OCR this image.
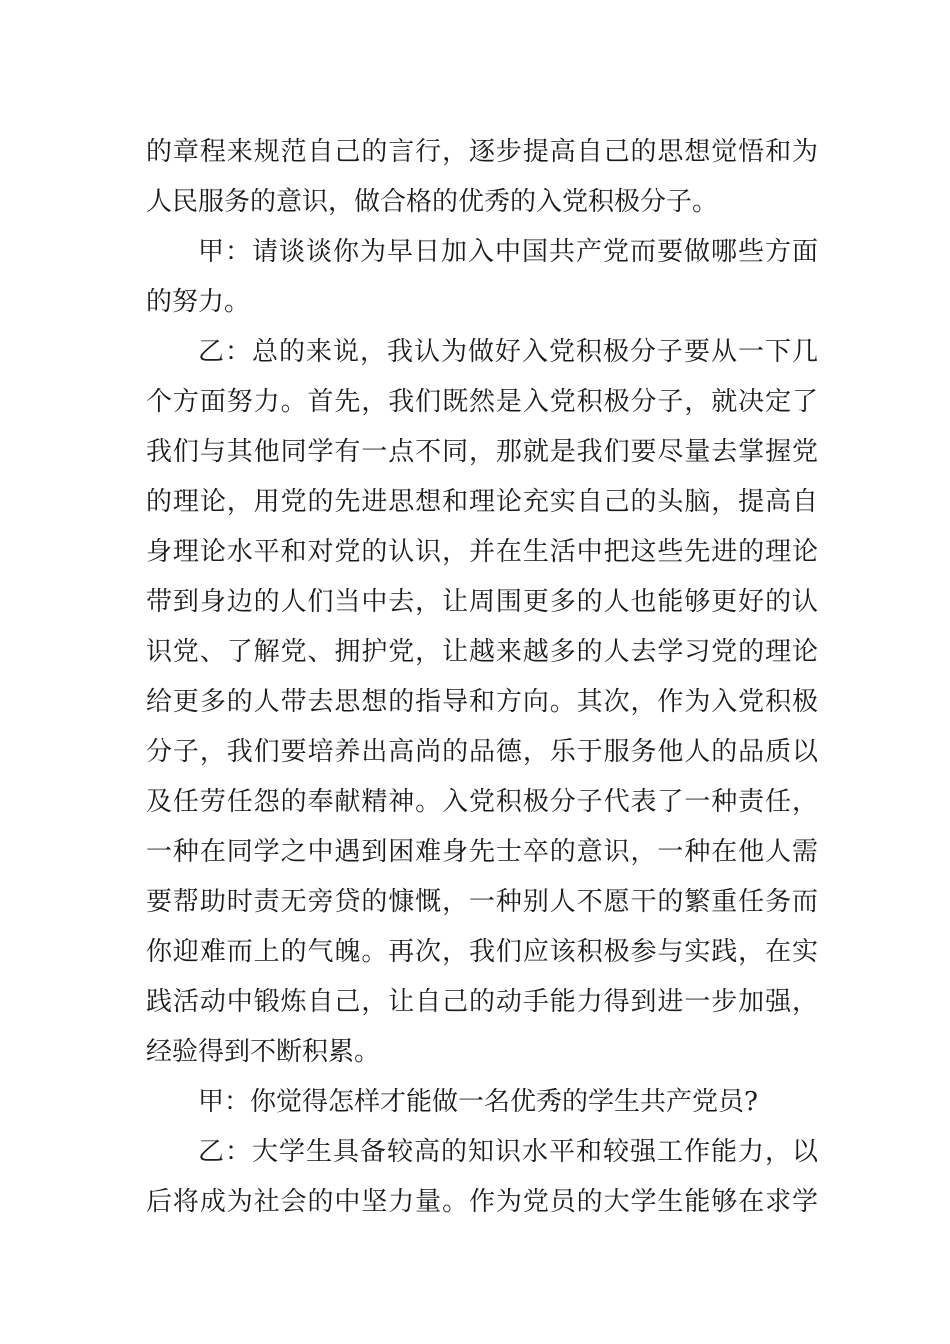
的章程来规范自己的言行，逐步提高自己的思想觉悟和为
人民服务的意识，做合格的优秀的入党积极分子。
甲：请谈谈你为早日加入中国共产党而要做哪些方面
的努力。
乙：总的来说，我认为做好入党积极分子要从一下几
个方面努力。首先，我们既然是入党积极分子，就决定了
我们与其他同学有一点不同，那就是我们要尽量去掌握党
的理论，用党的先进思想和理论充实自己的头脑，提高自
身理论水平和对党的认识，并在生活中把这些先进的理论
带到身边的人们当中去，让周围更多的人也能够更好的认
识党、了解党、拥护党，让越来越多的人去学习党的理论
给更多的人带去思想的指导和方向。其次，作为入党积极
分子，我们要培养出高尚的品德，乐于服务他人的品质以
及任劳任怨的奉献精神。入党积极分子代表了一种责任，
一种在同学之中遇到困难身先士卒的意识，一种在他人需
要帮助时责无旁贷的慷慨，一种别人不愿干的繁重任务而
你迎难而上的气魄。再次，我们应该积极参与实践，在实
践活动中锻炼自己，让自己的动手能力得到进一步加强，
经验得到不断积累。
甲：你觉得怎样才能做一名优秀的学生共产党员?
乙：大学生具备较高的知识水平和较强工作能力，以
后将成为社会的中坚力量。作为党员的大学生能够在求学
